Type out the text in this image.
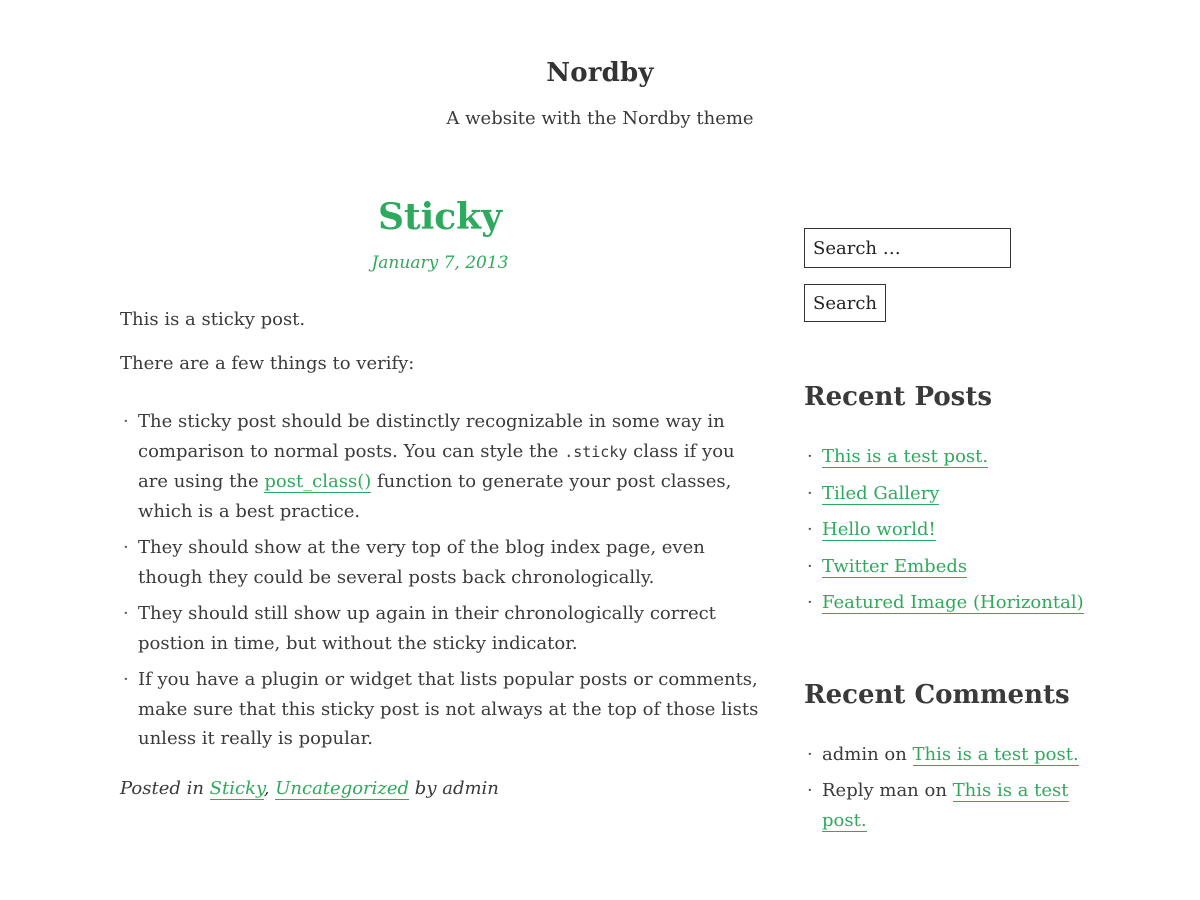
Nordby
A website with the Nordby theme
Sticky
January 7, 2013

This is a sticky post.

There are a few things to verify:

· The sticky post should be distinctly recognizable in some way in comparison to normal posts. You can style the .sticky class if you are using the post_class() function to generate your post classes, which is a best practice.
· They should show at the very top of the blog index page, even though they could be several posts back chronologically.
· They should still show up again in their chronologically correct postion in time, but without the sticky indicator.
· If you have a plugin or widget that lists popular posts or comments, make sure that this sticky post is not always at the top of those lists unless it really is popular.
Posted in Sticky, Uncategorized by admin
Search …
Search
Recent Posts
· This is a test post.
· Tiled Gallery
· Hello world!
· Twitter Embeds
· Featured Image (Horizontal)
Recent Comments
· admin on This is a test post.
· Reply man on This is a test post.
